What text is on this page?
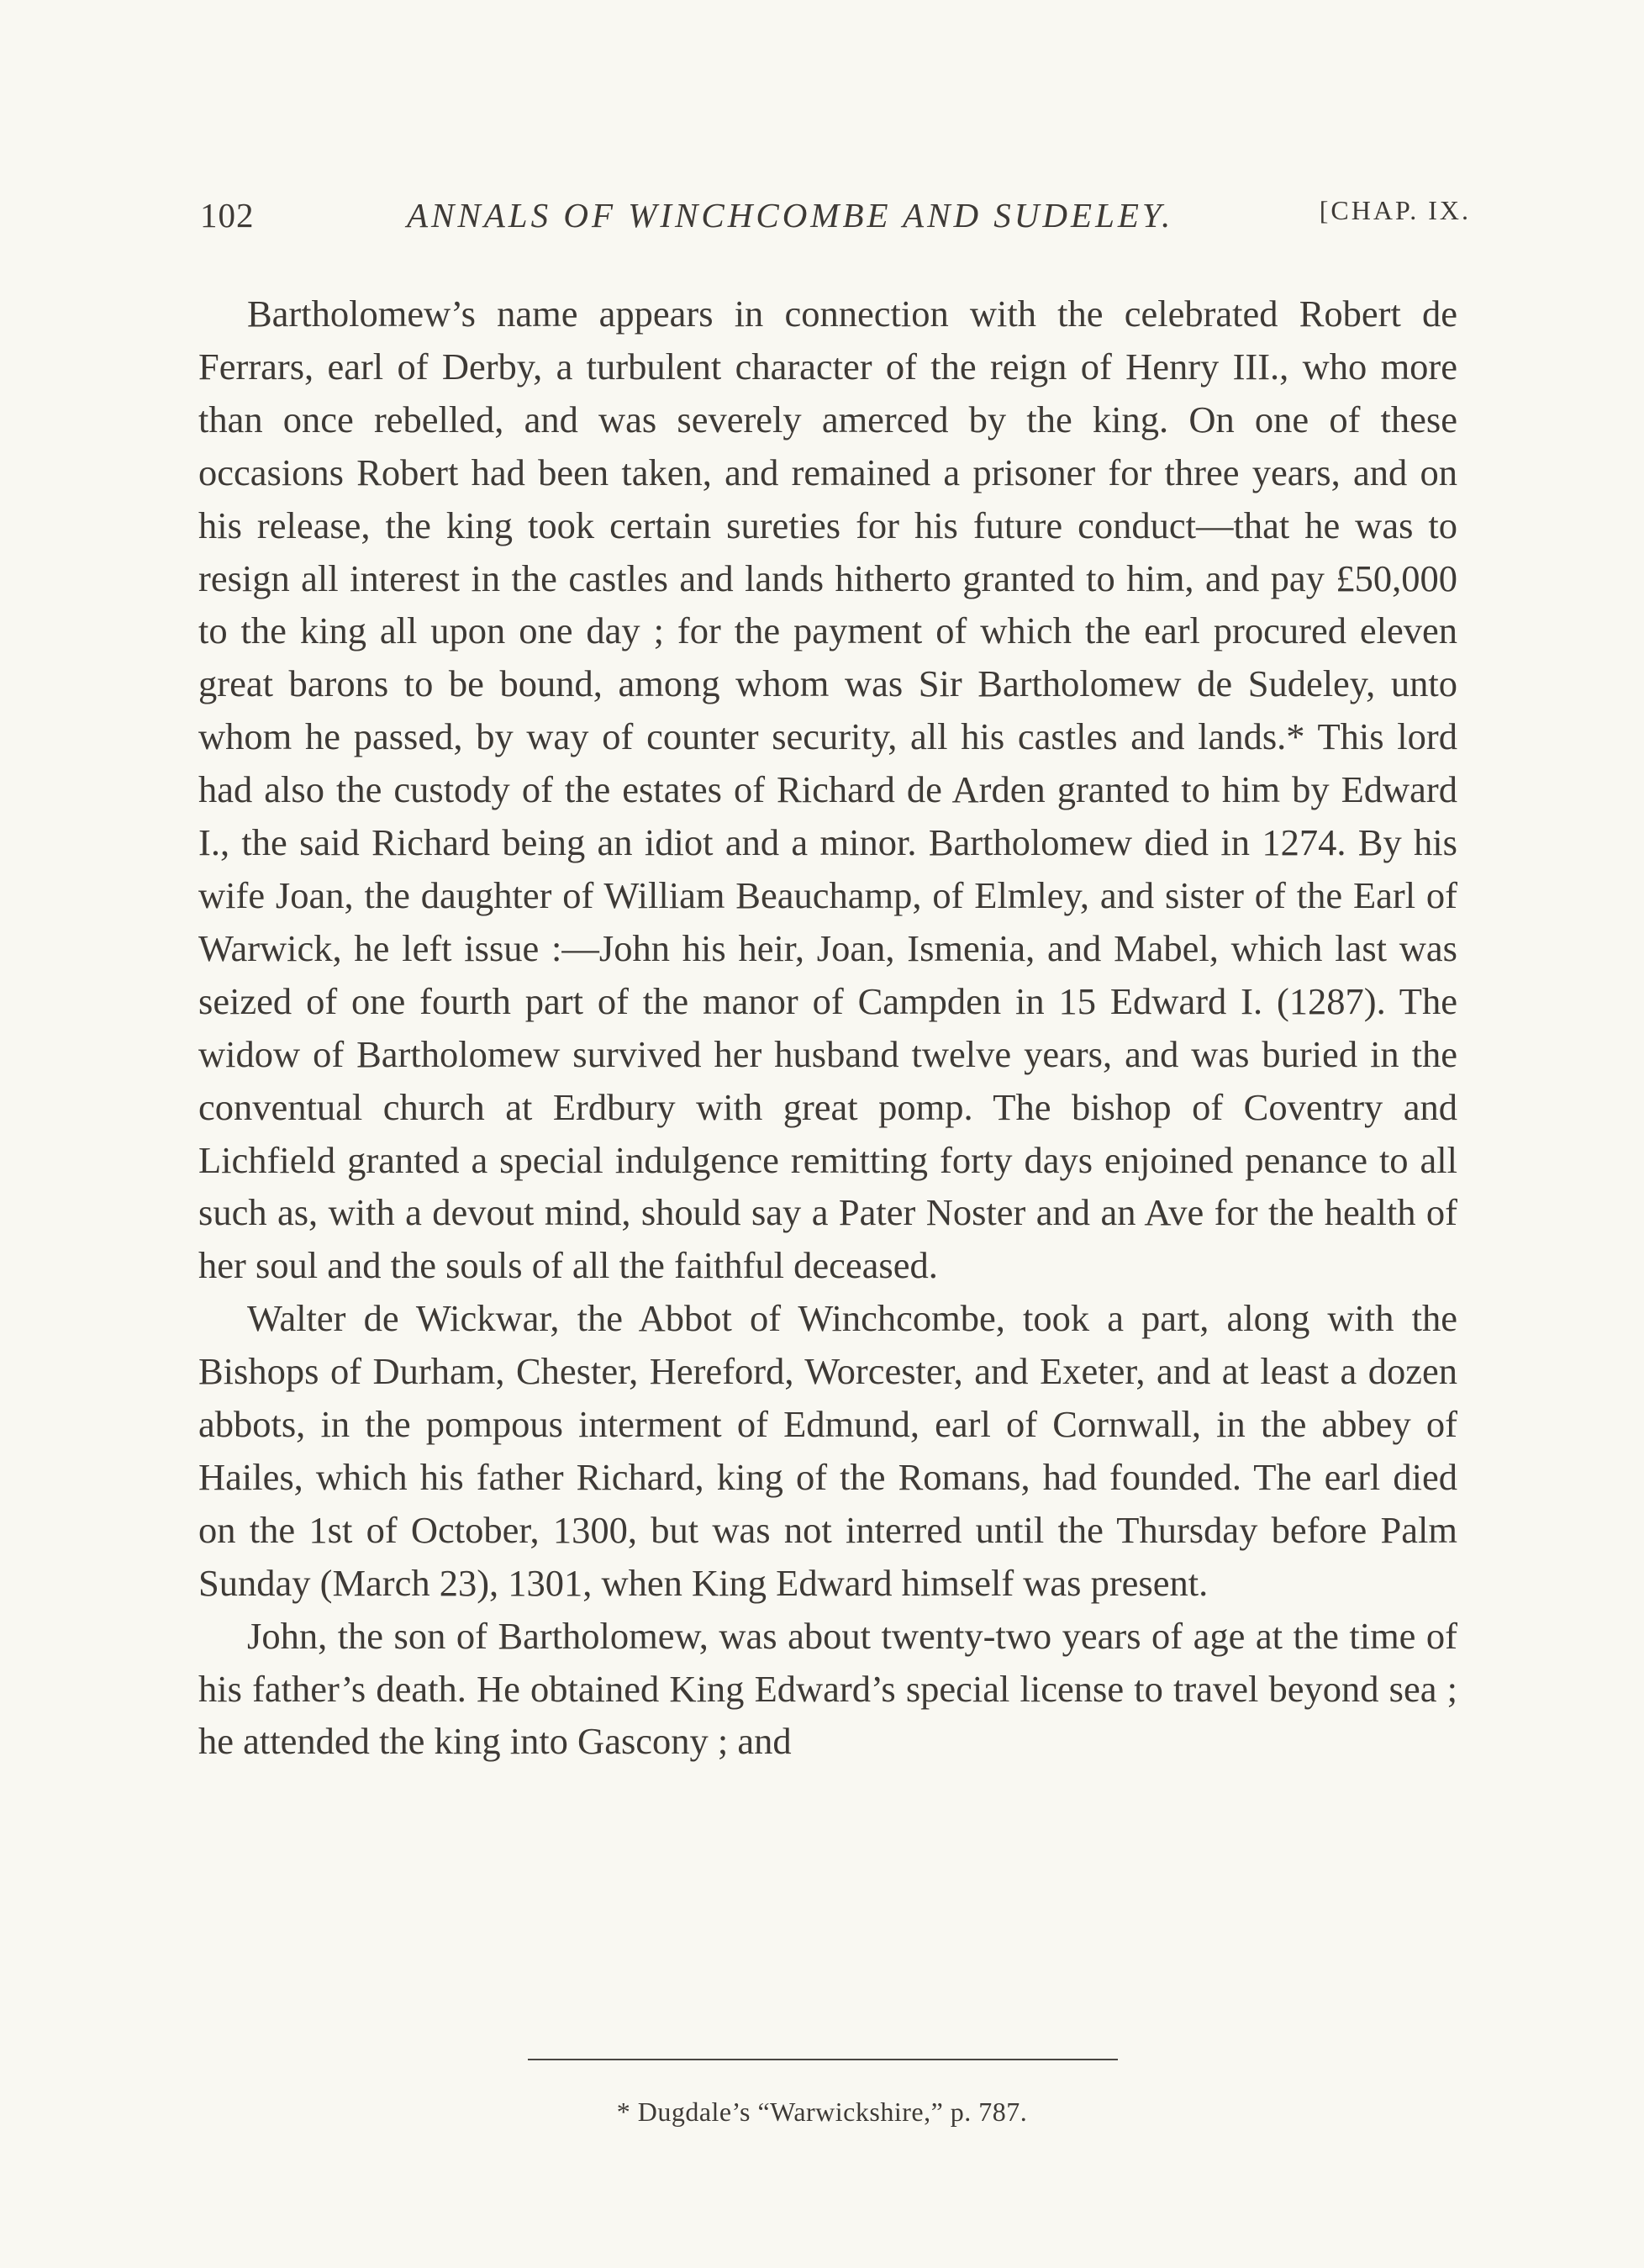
102	ANNALS OF WINCHCOMBE AND SUDELEY.	[CHAP. IX.

Bartholomew’s name appears in connection with the celebrated Robert de Ferrars, earl of Derby, a turbulent character of the reign of Henry III., who more than once rebelled, and was severely amerced by the king. On one of these occasions Robert had been taken, and remained a prisoner for three years, and on his release, the king took certain sureties for his future conduct—that he was to resign all interest in the castles and lands hitherto granted to him, and pay £50,000 to the king all upon one day ; for the payment of which the earl procured eleven great barons to be bound, among whom was Sir Bartholomew de Sudeley, unto whom he passed, by way of counter security, all his castles and lands.* This lord had also the custody of the estates of Richard de Arden granted to him by Edward I., the said Richard being an idiot and a minor. Bartholomew died in 1274. By his wife Joan, the daughter of William Beauchamp, of Elmley, and sister of the Earl of Warwick, he left issue :—John his heir, Joan, Ismenia, and Mabel, which last was seized of one fourth part of the manor of Campden in 15 Edward I. (1287). The widow of Bartholomew survived her husband twelve years, and was buried in the conventual church at Erdbury with great pomp. The bishop of Coventry and Lichfield granted a special indulgence remitting forty days enjoined penance to all such as, with a devout mind, should say a Pater Noster and an Ave for the health of her soul and the souls of all the faithful deceased.

Walter de Wickwar, the Abbot of Winchcombe, took a part, along with the Bishops of Durham, Chester, Hereford, Worcester, and Exeter, and at least a dozen abbots, in the pompous interment of Edmund, earl of Cornwall, in the abbey of Hailes, which his father Richard, king of the Romans, had founded. The earl died on the 1st of October, 1300, but was not interred until the Thursday before Palm Sunday (March 23), 1301, when King Edward himself was present.

John, the son of Bartholomew, was about twenty-two years of age at the time of his father’s death. He obtained King Edward’s special license to travel beyond sea ; he attended the king into Gascony ; and

* Dugdale’s “Warwickshire,” p. 787.
